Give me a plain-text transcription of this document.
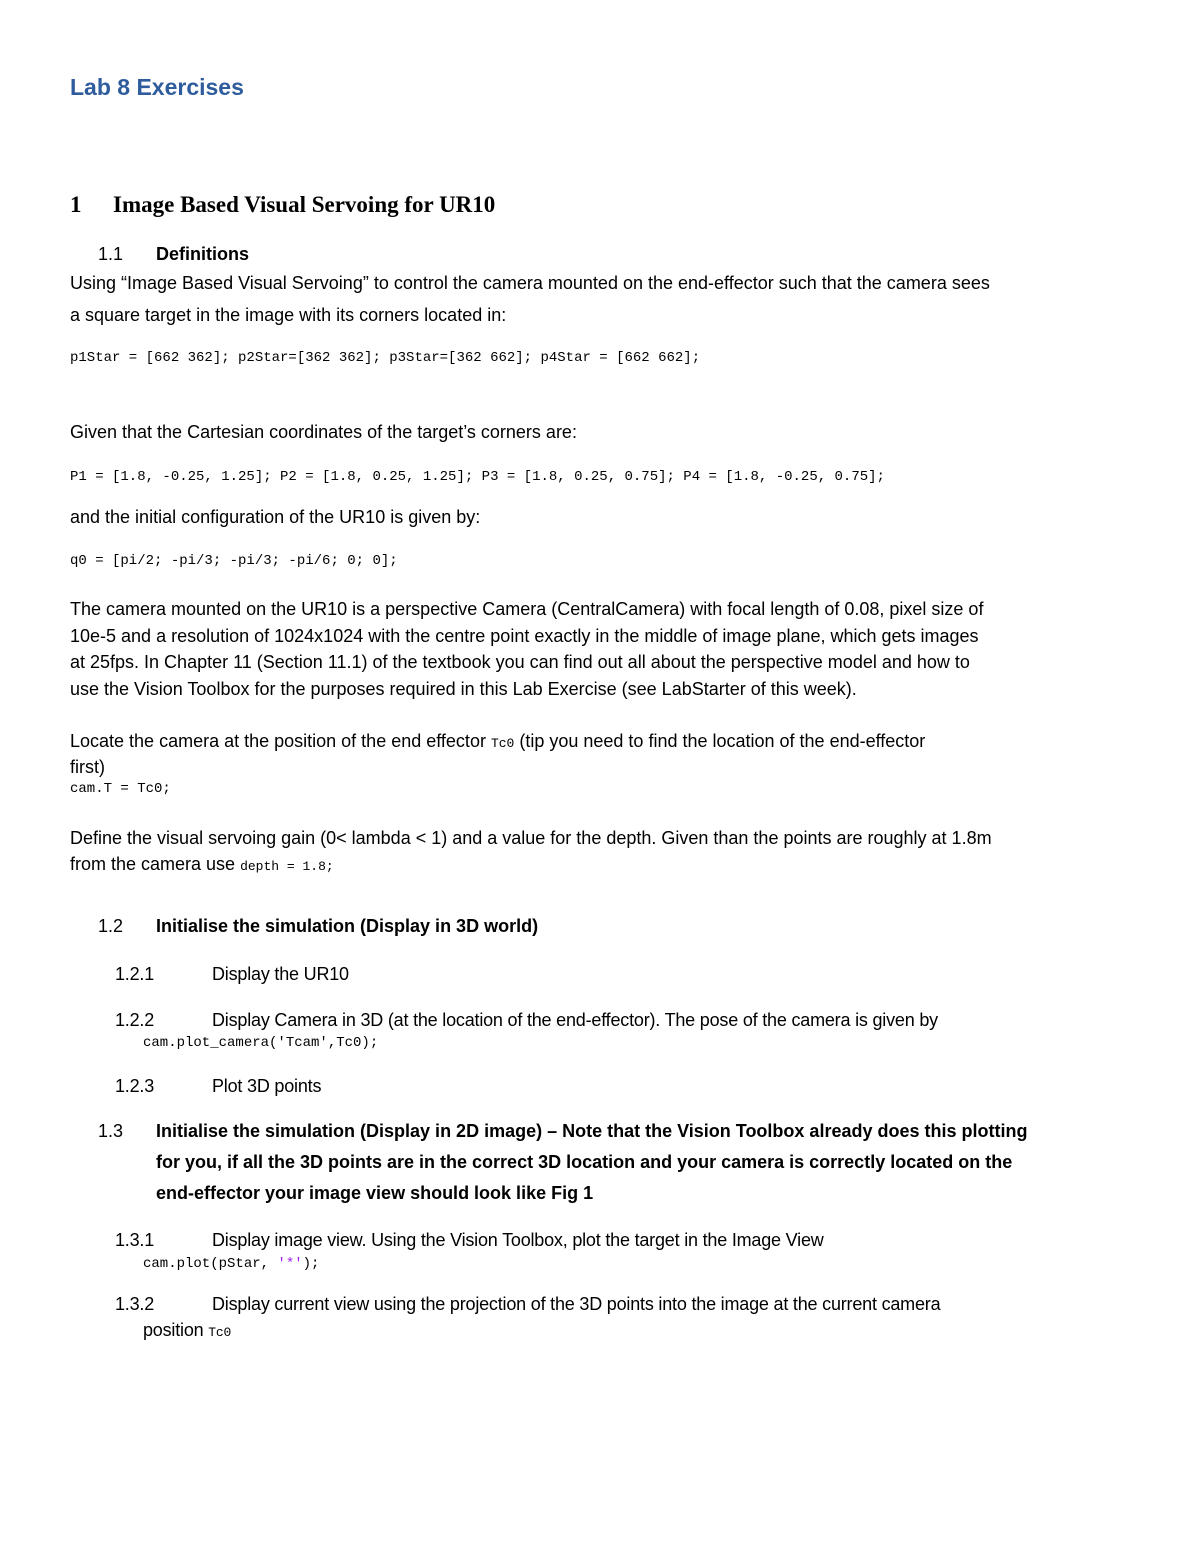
Lab 8 Exercises
1 Image Based Visual Servoing for UR10
1.1 Definitions
Using “Image Based Visual Servoing” to control the camera mounted on the end-effector such that the camera sees
a square target in the image with its corners located in:
p1Star = [662 362]; p2Star=[362 362]; p3Star=[362 662]; p4Star = [662 662];
Given that the Cartesian coordinates of the target’s corners are:
P1 = [1.8, -0.25, 1.25]; P2 = [1.8, 0.25, 1.25]; P3 = [1.8, 0.25, 0.75]; P4 = [1.8, -0.25, 0.75];
and the initial configuration of the UR10 is given by:
q0 = [pi/2; -pi/3; -pi/3; -pi/6; 0; 0];
The camera mounted on the UR10 is a perspective Camera (CentralCamera) with focal length of 0.08, pixel size of
10e-5 and a resolution of 1024x1024 with the centre point exactly in the middle of image plane, which gets images
at 25fps. In Chapter 11 (Section 11.1) of the textbook you can find out all about the perspective model and how to
use the Vision Toolbox for the purposes required in this Lab Exercise (see LabStarter of this week).
Locate the camera at the position of the end effector Tc0 (tip you need to find the location of the end-effector
first)
cam.T = Tc0;
Define the visual servoing gain (0< lambda < 1) and a value for the depth. Given than the points are roughly at 1.8m
from the camera use depth = 1.8;
1.2 Initialise the simulation (Display in 3D world)
1.2.1	Display the UR10
1.2.2	Display Camera in 3D (at the location of the end-effector). The pose of the camera is given by
cam.plot_camera('Tcam',Tc0);
1.2.3	Plot 3D points
1.3 Initialise the simulation (Display in 2D image) – Note that the Vision Toolbox already does this plotting
for you, if all the 3D points are in the correct 3D location and your camera is correctly located on the
end-effector your image view should look like Fig 1
1.3.1	Display image view. Using the Vision Toolbox, plot the target in the Image View
cam.plot(pStar, '*');
1.3.2	Display current view using the projection of the 3D points into the image at the current camera
position Tc0
